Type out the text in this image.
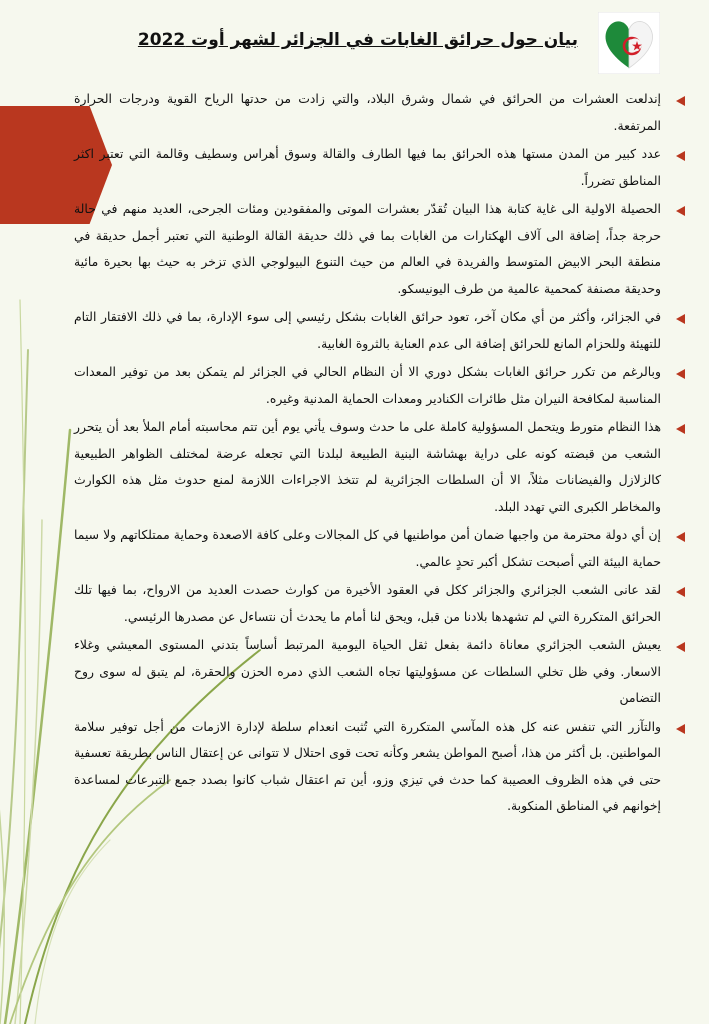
بيان حول حرائق الغابات في الجزائر لشهر أوت 2022
إندلعت العشرات من الحرائق في شمال وشرق البلاد، والتي زادت من حدتها الرياح القوية ودرجات الحرارة المرتفعة.
عدد كبير من المدن مستها هذه الحرائق بما فيها الطارف والقالة وسوق أهراس وسطيف وقالمة التي تعتبر اكثر المناطق تضرراً.
الحصيلة الاولية الى غاية كتابة هذا البيان تُقدّر بعشرات الموتى والمفقودين ومئات الجرحى، العديد منهم في حالة حرجة جداً، إضافة الى آلاف الهكتارات من الغابات بما في ذلك حديقة القالة الوطنية التي تعتبر أجمل حديقة في منطقة البحر الابيض المتوسط والفريدة في العالم من حيث التنوع البيولوجي الذي تزخر به حيث بها بحيرة مائية وحديقة مصنفة كمحمية عالمية من طرف اليونيسكو.
في الجزائر، وأكثر من أي مكان آخر، تعود حرائق الغابات بشكل رئيسي إلى سوء الإدارة، بما في ذلك الافتقار التام للتهيئة وللحزام المانع للحرائق إضافة الى عدم العناية بالثروة الغابية.
وبالرغم من تكرر حرائق الغابات بشكل دوري الا أن النظام الحالي في الجزائر لم يتمكن بعد من توفير المعدات المناسبة لمكافحة النيران مثل طائرات الكنادير ومعدات الحماية المدنية وغيره.
هذا النظام متورط ويتحمل المسؤولية كاملة على ما حدث وسوف يأتي يوم أين تتم محاسبته أمام الملأ بعد أن يتحرر الشعب من قبضته كونه على دراية بهشاشة البنية الطبيعة لبلدنا التي تجعله عرضة لمختلف الظواهر الطبيعية كالزلازل والفيضانات مثلاً، الا أن السلطات الجزائرية لم تتخذ الاجراءات اللازمة لمنع حدوث مثل هذه الكوارث والمخاطر الكبرى التي تهدد البلد.
إن أي دولة محترمة من واجبها ضمان أمن مواطنيها في كل المجالات وعلى كافة الاصعدة وحماية ممتلكاتهم ولا سيما حماية البيئة التي أصبحت تشكل أكبر تحدٍ عالمي.
لقد عانى الشعب الجزائري والجزائر ككل في العقود الأخيرة من كوارث حصدت العديد من الارواح، بما فيها تلك الحرائق المتكررة التي لم تشهدها بلادنا من قبل، ويحق لنا أمام ما يحدث أن نتساءل عن مصدرها الرئيسي.
يعيش الشعب الجزائري معاناة دائمة بفعل ثقل الحياة اليومية المرتبط أساساً بتدني المستوى المعيشي وغلاء الاسعار. وفي ظل تخلي السلطات عن مسؤوليتها تجاه الشعب الذي دمره الحزن والحقرة، لم يتبق له سوى روح التضامن
والتآزر التي تنفس عنه كل هذه المآسي المتكررة التي تُثبت انعدام سلطة لإدارة الازمات من أجل توفير سلامة المواطنين. بل أكثر من هذا، أصبح المواطن يشعر وكأنه تحت قوى احتلال لا تتوانى عن إعتقال الناس بطريقة تعسفية حتى في هذه الظروف العصيبة كما حدث في تيزي وزو، أين تم اعتقال شباب كانوا بصدد جمع التبرعات لمساعدة إخوانهم في المناطق المنكوبة.
